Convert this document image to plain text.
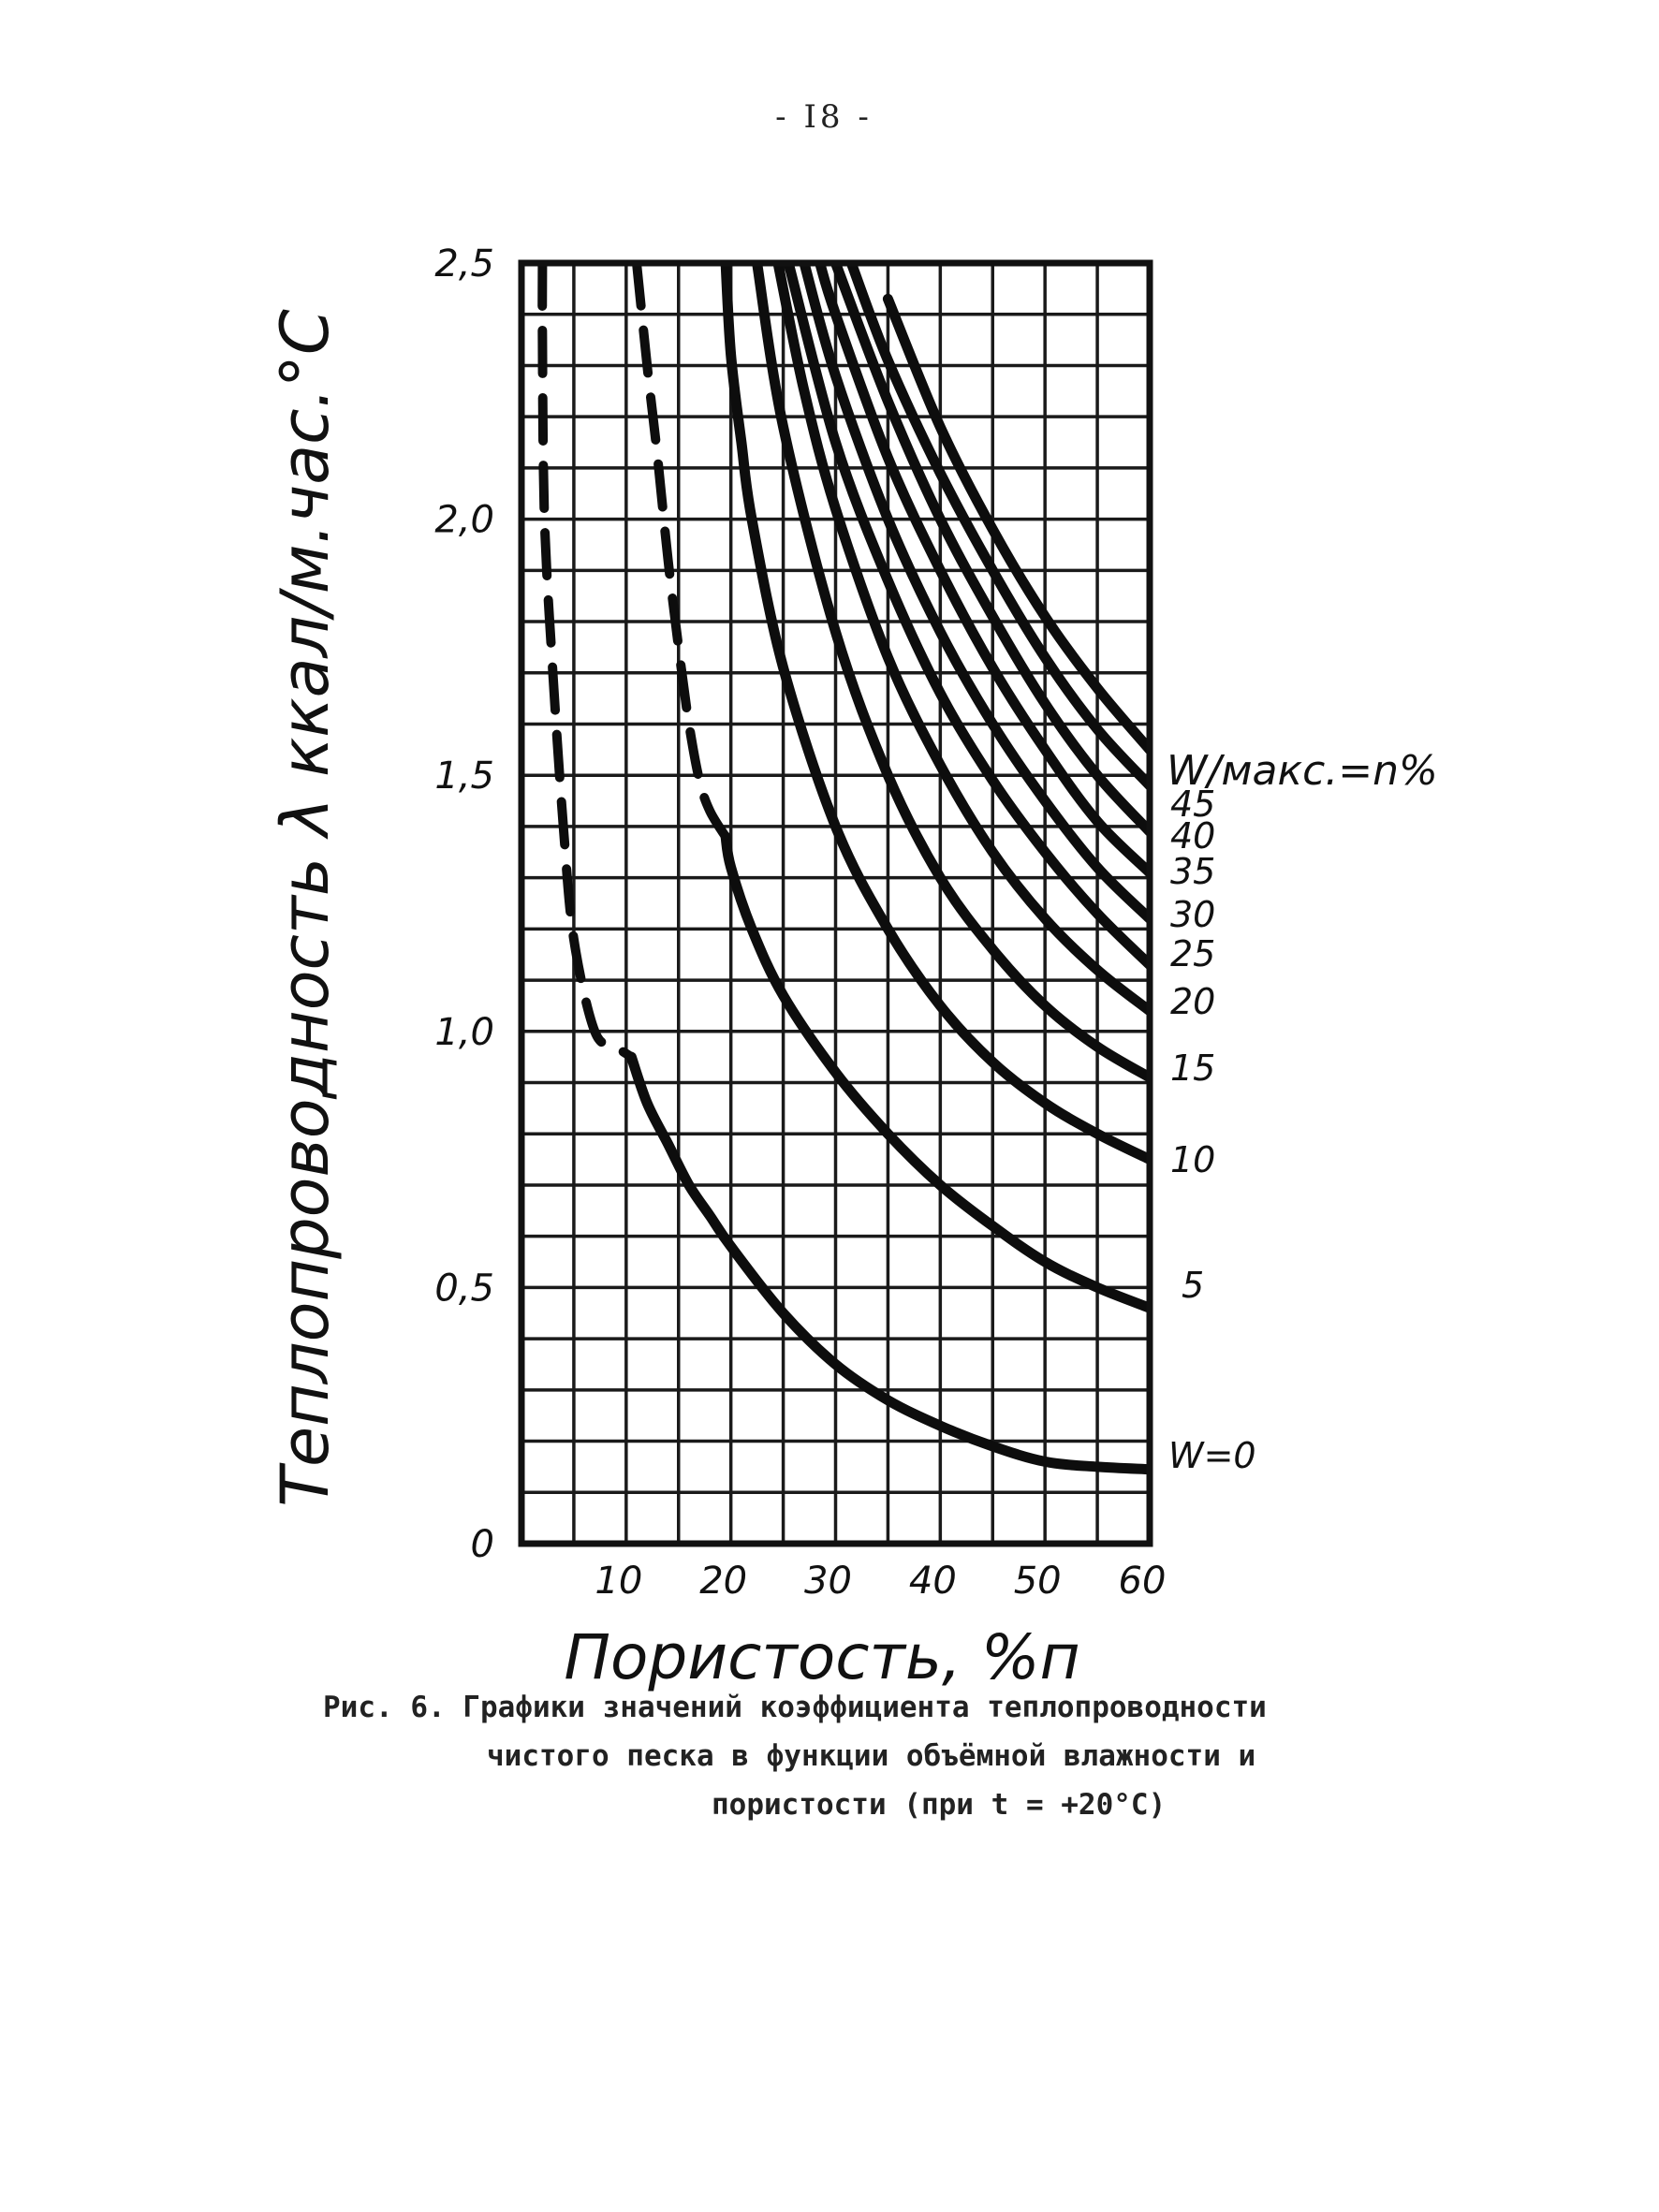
- I8 -
0
0,5
1,0
1,5
2,0
2,5
10 20 30 40 50 60
Пористость, %п
Теплопроводность λ ккал/м.час.°С	W/макс.=n%
W=0
5
10
15
20
25
30
35
40
45
Рис. 6. Графики значений коэффициента теплопроводности
чистого песка в функции объёмной влажности и
пористости (при t = +20°C)
